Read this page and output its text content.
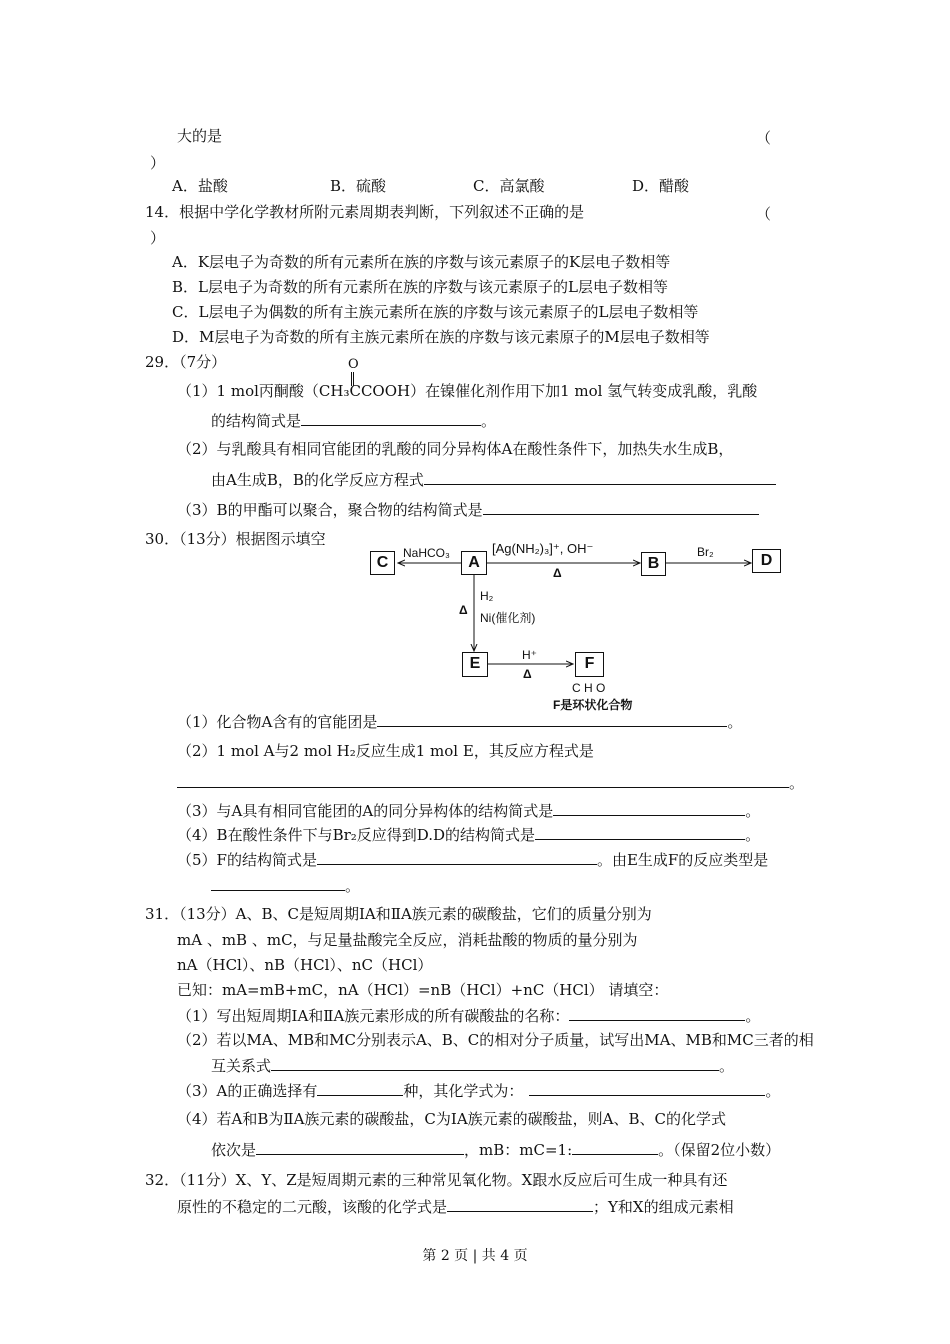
大的是	（
）
A．盐酸	B．硫酸	C．高氯酸	D．醋酸
14．根据中学化学教材所附元素周期表判断，下列叙述不正确的是	（
）
A．K层电子为奇数的所有元素所在族的序数与该元素原子的K层电子数相等
B．L层电子为奇数的所有元素所在族的序数与该元素原子的L层电子数相等
C．L层电子为偶数的所有主族元素所在族的序数与该元素原子的L层电子数相等
D．M层电子为奇数的所有主族元素所在族的序数与该元素原子的M层电子数相等
29．（7分）	O
（1）1 mol丙酮酸（CH₃CCOOH）在镍催化剂作用下加1 mol 氢气转变成乳酸，乳酸
的结构简式是	。
（2）与乳酸具有相同官能团的乳酸的同分异构体A在酸性条件下，加热失水生成B，
由A生成B，B的化学反应方程式
（3）B的甲酯可以聚合，聚合物的结构简式是
30．（13分）根据图示填空
C	A	B	D
E	F
NaHCO₃	[Ag(NH₂)₃]⁺, OH⁻
Δ
Br₂
H₂
Δ
Ni(催化剂)
H⁺
Δ
C H O
F是环状化合物
（1）化合物A含有的官能团是	。
（2）1 mol A与2 mol H₂反应生成1 mol E，其反应方程式是
。
（3）与A具有相同官能团的A的同分异构体的结构简式是	。
（4）B在酸性条件下与Br₂反应得到D.D的结构简式是	。
（5）F的结构简式是	。由E生成F的反应类型是
。
31．（13分）A、B、C是短周期ⅠA和ⅡA族元素的碳酸盐，它们的质量分别为
mA 、mB 、mC，与足量盐酸完全反应，消耗盐酸的物质的量分别为
nA（HCl）、nB（HCl）、nC（HCl）
已知：mA=mB+mC，nA（HCl）=nB（HCl）+nC（HCl） 请填空：
（1）写出短周期ⅠA和ⅡA族元素形成的所有碳酸盐的名称：	。
（2）若以MA、MB和MC分别表示A、B、C的相对分子质量，试写出MA、MB和MC三者的相
互关系式	。
（3）A的正确选择有	种，其化学式为：	。
（4）若A和B为ⅡA族元素的碳酸盐，C为ⅠA族元素的碳酸盐，则A、B、C的化学式
依次是	，mB：mC=1:	。（保留2位小数）
32．（11分）X、Y、Z是短周期元素的三种常见氧化物。X跟水反应后可生成一种具有还
原性的不稳定的二元酸，该酸的化学式是	；Y和X的组成元素相
第 2 页 | 共 4 页
